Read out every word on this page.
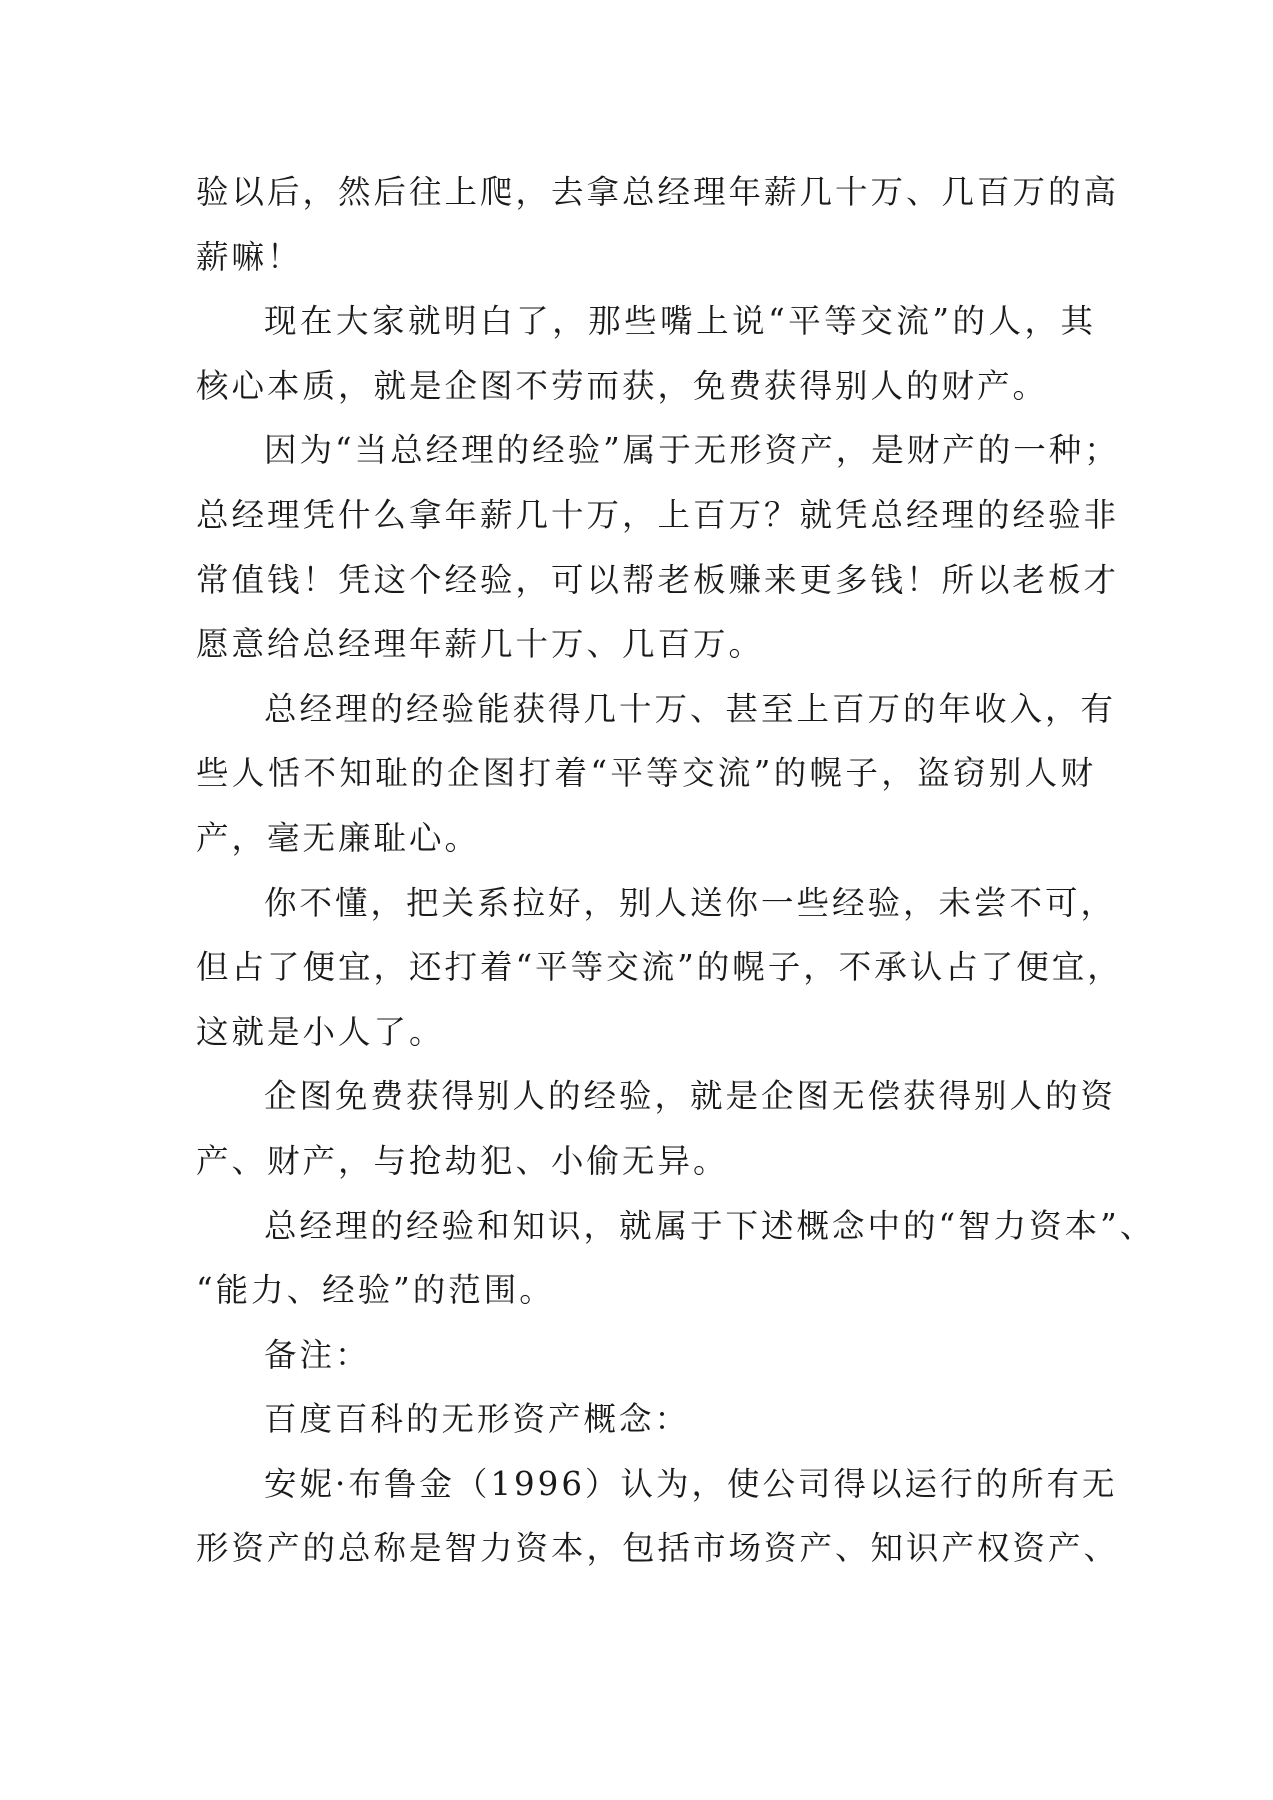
验以后，然后往上爬，去拿总经理年薪几十万、几百万的高
薪嘛！
现在大家就明白了，那些嘴上说“平等交流”的人，其
核心本质，就是企图不劳而获，免费获得别人的财产。
因为“当总经理的经验”属于无形资产，是财产的一种；
总经理凭什么拿年薪几十万，上百万？就凭总经理的经验非
常值钱！凭这个经验，可以帮老板赚来更多钱！所以老板才
愿意给总经理年薪几十万、几百万。
总经理的经验能获得几十万、甚至上百万的年收入，有
些人恬不知耻的企图打着“平等交流”的幌子，盗窃别人财
产，毫无廉耻心。
你不懂，把关系拉好，别人送你一些经验，未尝不可，
但占了便宜，还打着“平等交流”的幌子，不承认占了便宜，
这就是小人了。
企图免费获得别人的经验，就是企图无偿获得别人的资
产、财产，与抢劫犯、小偷无异。
总经理的经验和知识，就属于下述概念中的“智力资本”、
“能力、经验”的范围。
备注：
百度百科的无形资产概念：
安妮·布鲁金（1996）认为，使公司得以运行的所有无
形资产的总称是智力资本，包括市场资产、知识产权资产、
